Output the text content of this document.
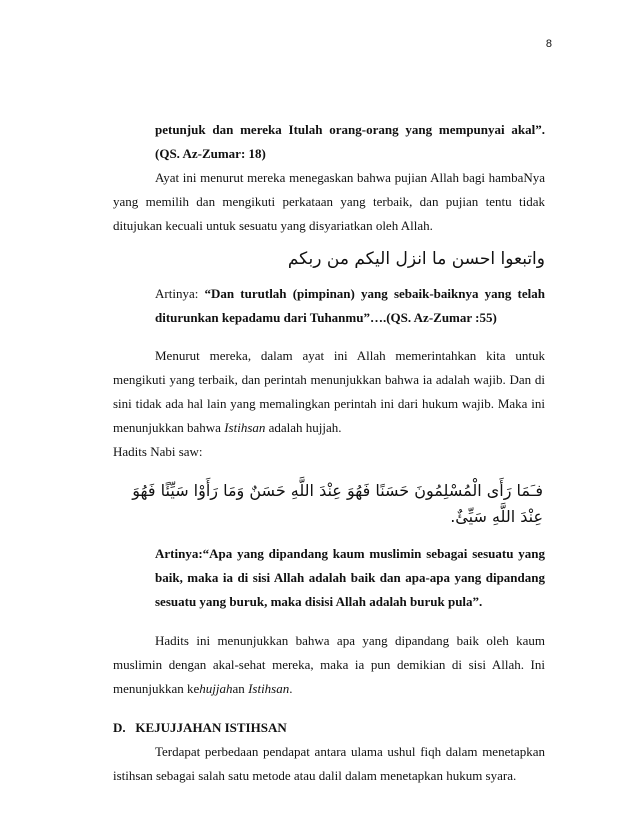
8

petunjuk dan mereka Itulah orang-orang yang mempunyai akal”. (QS. Az-Zumar: 18)

Ayat ini menurut mereka menegaskan bahwa pujian Allah bagi hambaNya yang memilih dan mengikuti perkataan yang terbaik, dan pujian tentu tidak ditujukan kecuali untuk sesuatu yang disyariatkan oleh Allah.

واتبعوا احسن ما انزل اليكم من ربكم

Artinya: “Dan turutlah (pimpinan) yang sebaik-baiknya yang telah diturunkan kepadamu dari Tuhanmu”….(QS. Az-Zumar :55)

Menurut mereka, dalam ayat ini Allah memerintahkan kita untuk mengikuti yang terbaik, dan perintah menunjukkan bahwa ia adalah wajib. Dan di sini tidak ada hal lain yang memalingkan perintah ini dari hukum wajib. Maka ini menunjukkan bahwa Istihsan adalah hujjah.

Hadits Nabi saw:

فـَمَا رَأَى الْمُسْلِمُونَ حَسَنًا فَهُوَ عِنْدَ اللَّهِ حَسَنٌ وَمَا رَأَوْا سَيِّئًا فَهُوَ عِنْدَ اللَّهِ سَيِّئٌ.

Artinya:“Apa yang dipandang kaum muslimin sebagai sesuatu yang baik, maka ia di sisi Allah adalah baik dan apa-apa yang dipandang sesuatu yang buruk, maka disisi Allah adalah buruk pula”.

Hadits ini menunjukkan bahwa apa yang dipandang baik oleh kaum muslimin dengan akal-sehat mereka, maka ia pun demikian di sisi Allah. Ini menunjukkan kehujjahan Istihsan.

D.   KEJUJJAHAN ISTIHSAN

Terdapat perbedaan pendapat antara ulama ushul fiqh dalam menetapkan istihsan sebagai salah satu metode atau dalil dalam menetapkan hukum syara.
